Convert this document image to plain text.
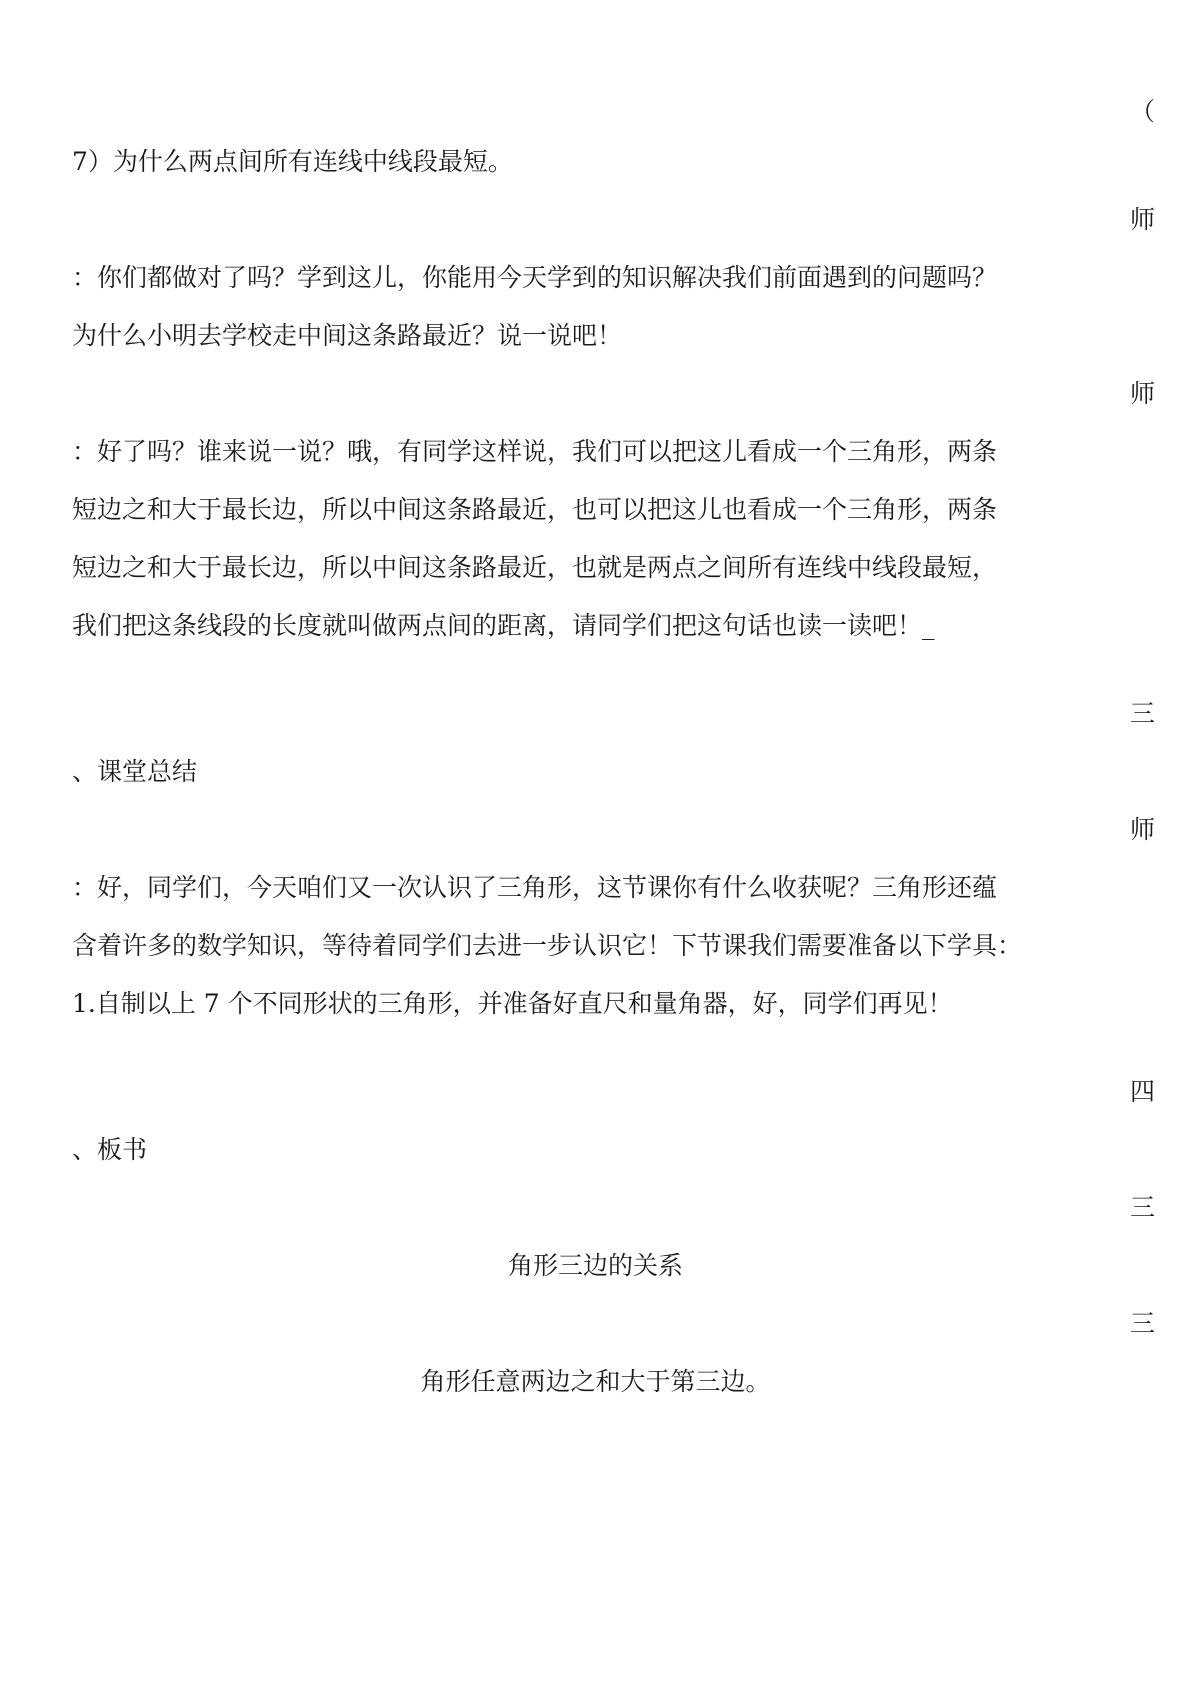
（
7）为什么两点间所有连线中线段最短。
师
：你们都做对了吗？学到这儿，你能用今天学到的知识解决我们前面遇到的问题吗？
为什么小明去学校走中间这条路最近？说一说吧！
师
：好了吗？谁来说一说？哦，有同学这样说，我们可以把这儿看成一个三角形，两条
短边之和大于最长边，所以中间这条路最近，也可以把这儿也看成一个三角形，两条
短边之和大于最长边，所以中间这条路最近，也就是两点之间所有连线中线段最短，
我们把这条线段的长度就叫做两点间的距离，请同学们把这句话也读一读吧！_
三
、课堂总结
师
：好，同学们，今天咱们又一次认识了三角形，这节课你有什么收获呢？三角形还蕴
含着许多的数学知识，等待着同学们去进一步认识它！下节课我们需要准备以下学具：
1.自制以上 7 个不同形状的三角形，并准备好直尺和量角器，好，同学们再见！
四
、板书
三
角形三边的关系
三
角形任意两边之和大于第三边。
